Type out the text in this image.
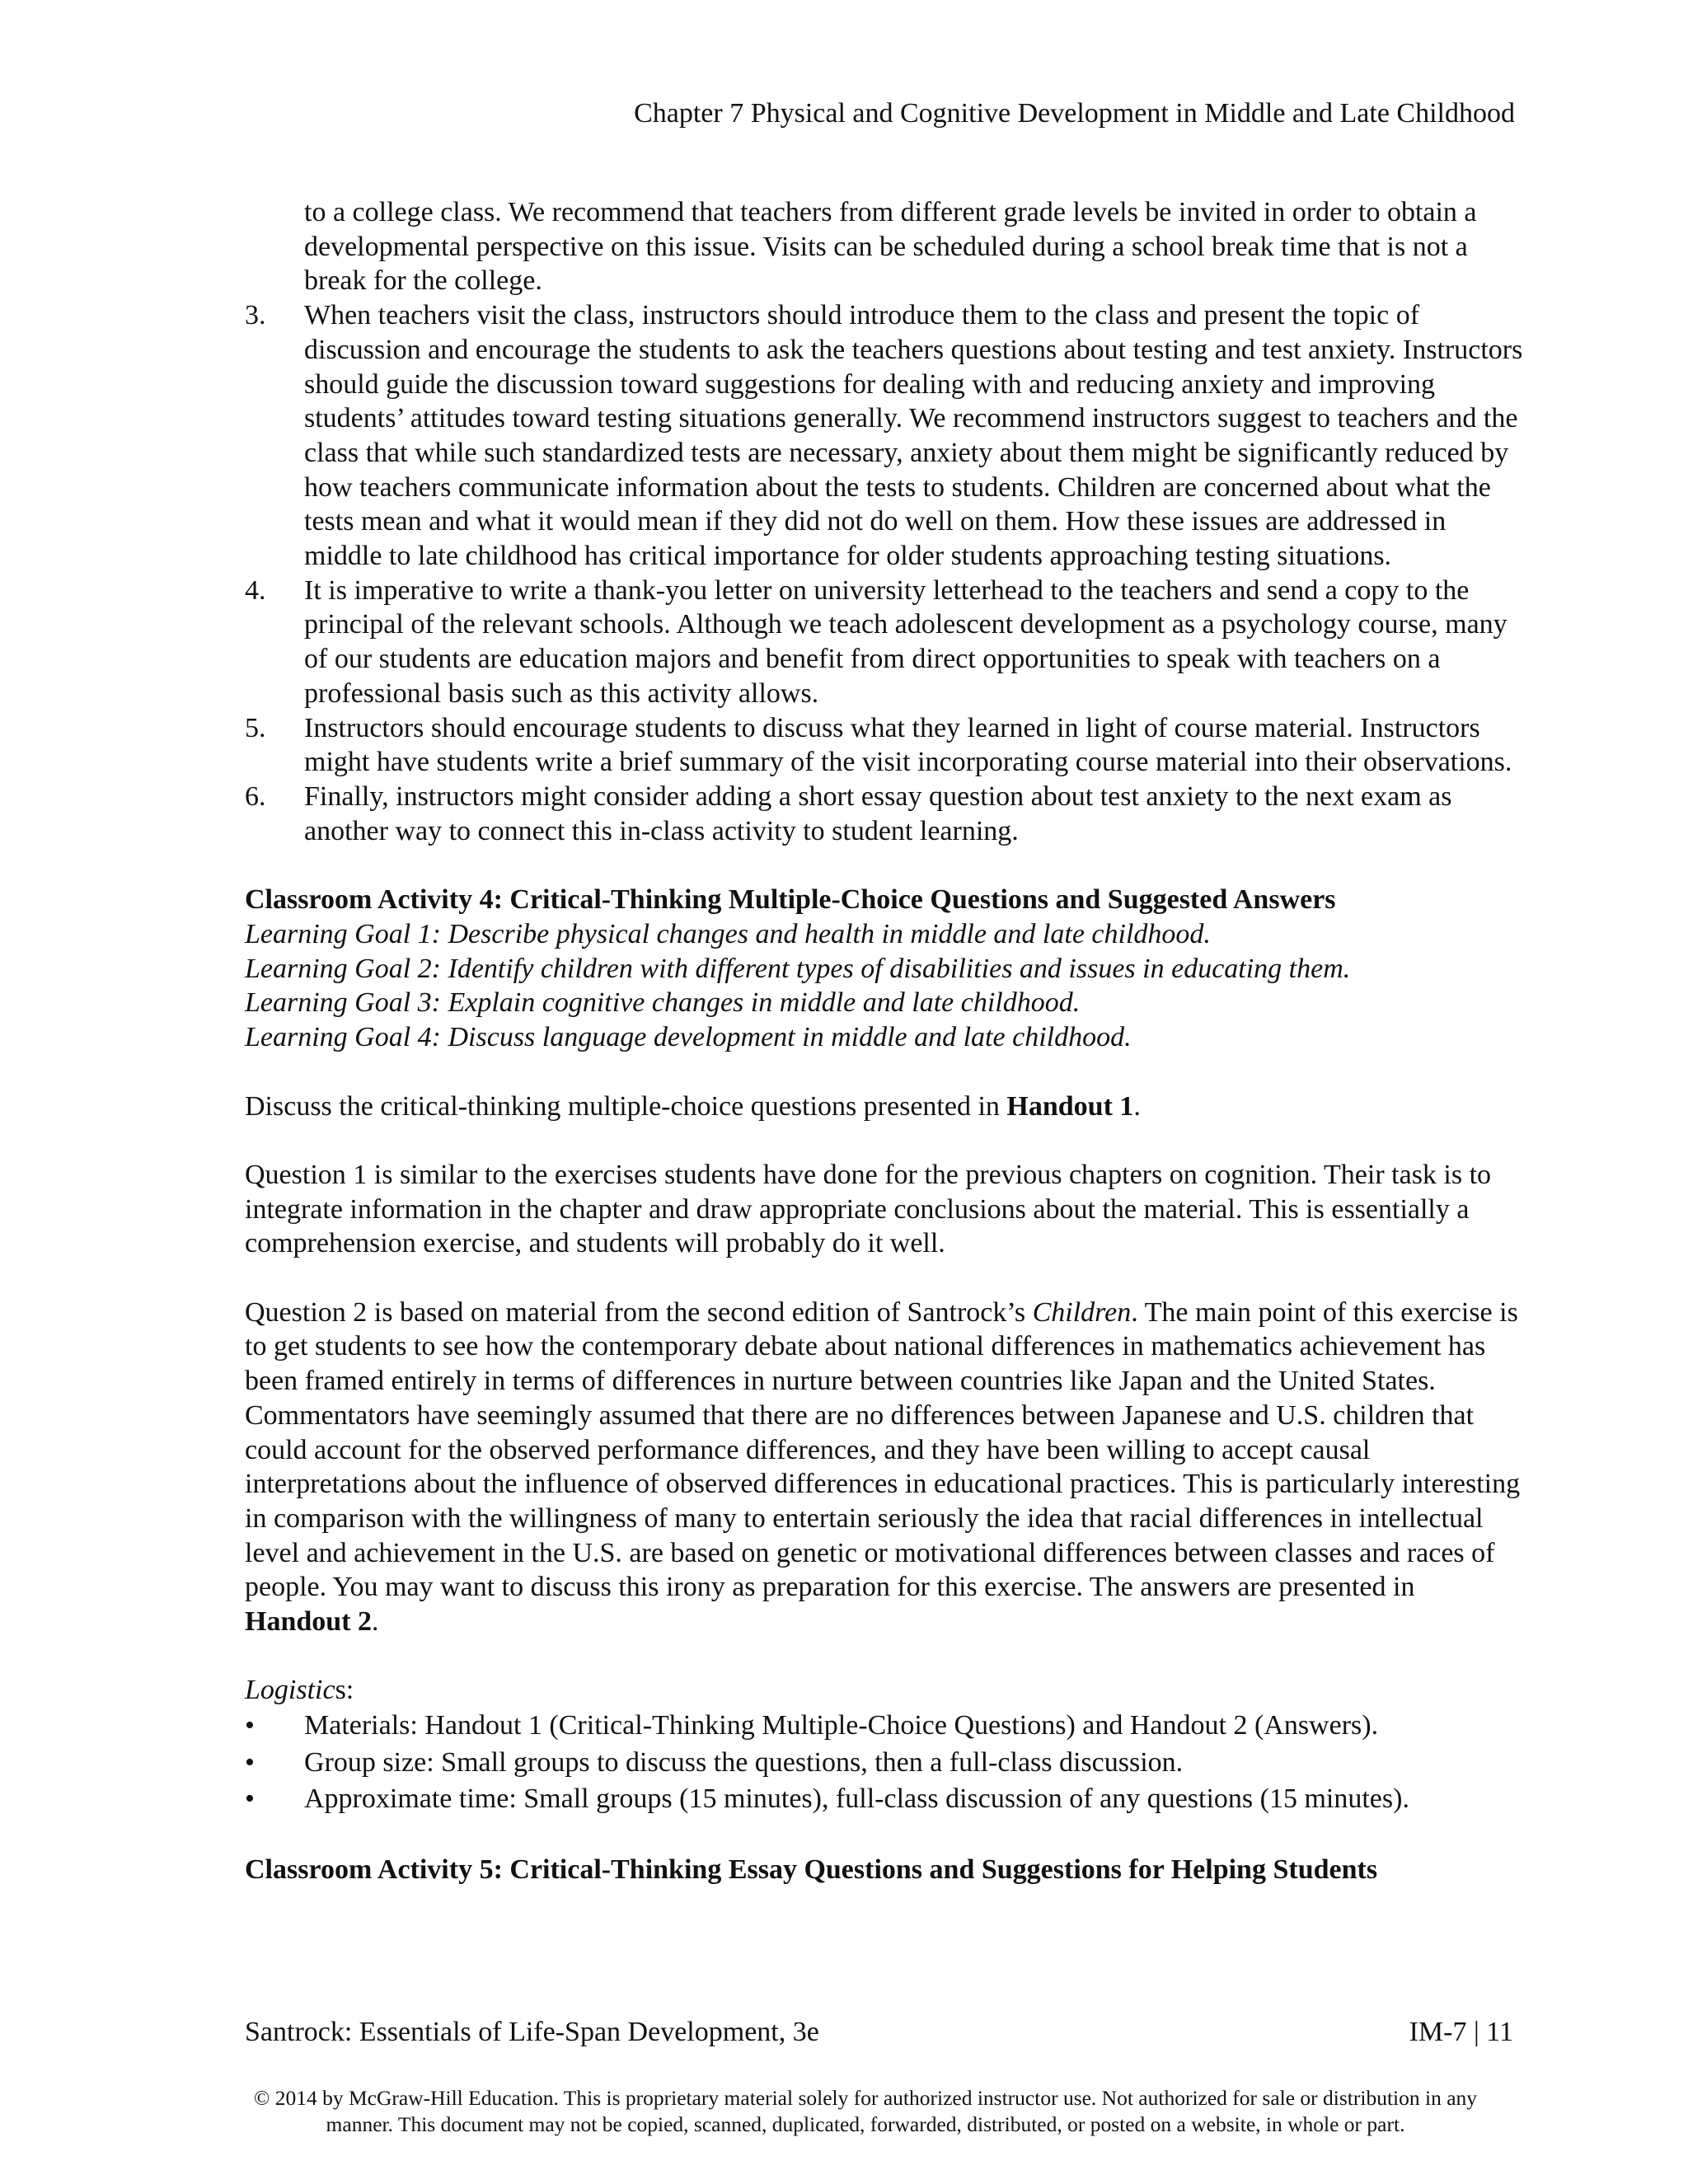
Chapter 7 Physical and Cognitive Development in Middle and Late Childhood

to a college class. We recommend that teachers from different grade levels be invited in order to obtain a developmental perspective on this issue. Visits can be scheduled during a school break time that is not a break for the college.

3.	When teachers visit the class, instructors should introduce them to the class and present the topic of discussion and encourage the students to ask the teachers questions about testing and test anxiety. Instructors should guide the discussion toward suggestions for dealing with and reducing anxiety and improving students’ attitudes toward testing situations generally. We recommend instructors suggest to teachers and the class that while such standardized tests are necessary, anxiety about them might be significantly reduced by how teachers communicate information about the tests to students. Children are concerned about what the tests mean and what it would mean if they did not do well on them. How these issues are addressed in middle to late childhood has critical importance for older students approaching testing situations.
4.	It is imperative to write a thank-you letter on university letterhead to the teachers and send a copy to the principal of the relevant schools. Although we teach adolescent development as a psychology course, many of our students are education majors and benefit from direct opportunities to speak with teachers on a professional basis such as this activity allows.
5.	Instructors should encourage students to discuss what they learned in light of course material. Instructors might have students write a brief summary of the visit incorporating course material into their observations.
6.	Finally, instructors might consider adding a short essay question about test anxiety to the next exam as another way to connect this in-class activity to student learning.
Classroom Activity 4: Critical-Thinking Multiple-Choice Questions and Suggested Answers
Learning Goal 1: Describe physical changes and health in middle and late childhood.
Learning Goal 2: Identify children with different types of disabilities and issues in educating them.
Learning Goal 3: Explain cognitive changes in middle and late childhood.
Learning Goal 4: Discuss language development in middle and late childhood.

Discuss the critical-thinking multiple-choice questions presented in Handout 1.

Question 1 is similar to the exercises students have done for the previous chapters on cognition. Their task is to integrate information in the chapter and draw appropriate conclusions about the material. This is essentially a comprehension exercise, and students will probably do it well.

Question 2 is based on material from the second edition of Santrock’s Children. The main point of this exercise is to get students to see how the contemporary debate about national differences in mathematics achievement has been framed entirely in terms of differences in nurture between countries like Japan and the United States. Commentators have seemingly assumed that there are no differences between Japanese and U.S. children that could account for the observed performance differences, and they have been willing to accept causal interpretations about the influence of observed differences in educational practices. This is particularly interesting in comparison with the willingness of many to entertain seriously the idea that racial differences in intellectual level and achievement in the U.S. are based on genetic or motivational differences between classes and races of people. You may want to discuss this irony as preparation for this exercise. The answers are presented in Handout 2.

Logistics:

•	Materials: Handout 1 (Critical-Thinking Multiple-Choice Questions) and Handout 2 (Answers).
•	Group size: Small groups to discuss the questions, then a full-class discussion.
•	Approximate time: Small groups (15 minutes), full-class discussion of any questions (15 minutes).
Classroom Activity 5: Critical-Thinking Essay Questions and Suggestions for Helping Students
Santrock: Essentials of Life-Span Development, 3e	IM-7 | 11
© 2014 by McGraw-Hill Education. This is proprietary material solely for authorized instructor use. Not authorized for sale or distribution in any
manner. This document may not be copied, scanned, duplicated, forwarded, distributed, or posted on a website, in whole or part.
